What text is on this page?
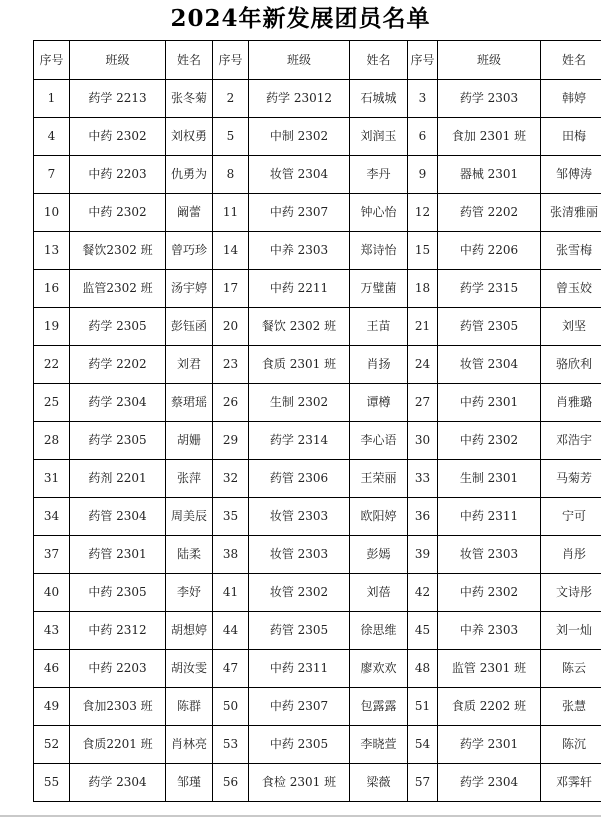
2024年新发展团员名单
序号	班级	姓名	序号	班级	姓名	序号	班级	姓名
1	药学 2213	张冬菊	2	药学 23012	石城城	3	药学 2303	韩婷
4	中药 2302	刘权勇	5	中制 2302	刘润玉	6	食加 2301 班	田梅
7	中药 2203	仇勇为	8	妆管 2304	李丹	9	器械 2301	邹傅涛
10	中药 2302	阚蕾	11	中药 2307	钟心怡	12	药管 2202	张清雅丽
13	餐饮2302 班	曾巧珍	14	中养 2303	郑诗怡	15	中药 2206	张雪梅
16	监管2302 班	汤宇婷	17	中药 2211	万璧菌	18	药学 2315	曾玉姣
19	药学 2305	彭钰函	20	餐饮 2302 班	王苗	21	药管 2305	刘坚
22	药学 2202	刘君	23	食质 2301 班	肖扬	24	妆管 2304	骆欣利
25	药学 2304	蔡珺瑶	26	生制 2302	谭樽	27	中药 2301	肖雅璐
28	药学 2305	胡姗	29	药学 2314	李心语	30	中药 2302	邓浩宇
31	药剂 2201	张萍	32	药管 2306	王荣丽	33	生制 2301	马菊芳
34	药管 2304	周美辰	35	妆管 2303	欧阳婷	36	中药 2311	宁可
37	药管 2301	陆柔	38	妆管 2303	彭嫣	39	妆管 2303	肖彤
40	中药 2305	李妤	41	妆管 2302	刘蓓	42	中药 2302	文诗彤
43	中药 2312	胡想婷	44	药管 2305	徐思维	45	中养 2303	刘一灿
46	中药 2203	胡汝雯	47	中药 2311	廖欢欢	48	监管 2301 班	陈云
49	食加2303 班	陈群	50	中药 2307	包露露	51	食质 2202 班	张慧
52	食质2201 班	肖林亮	53	中药 2305	李晓萱	54	药学 2301	陈沉
55	药学 2304	邹瑾	56	食检 2301 班	梁薇	57	药学 2304	邓霁轩
